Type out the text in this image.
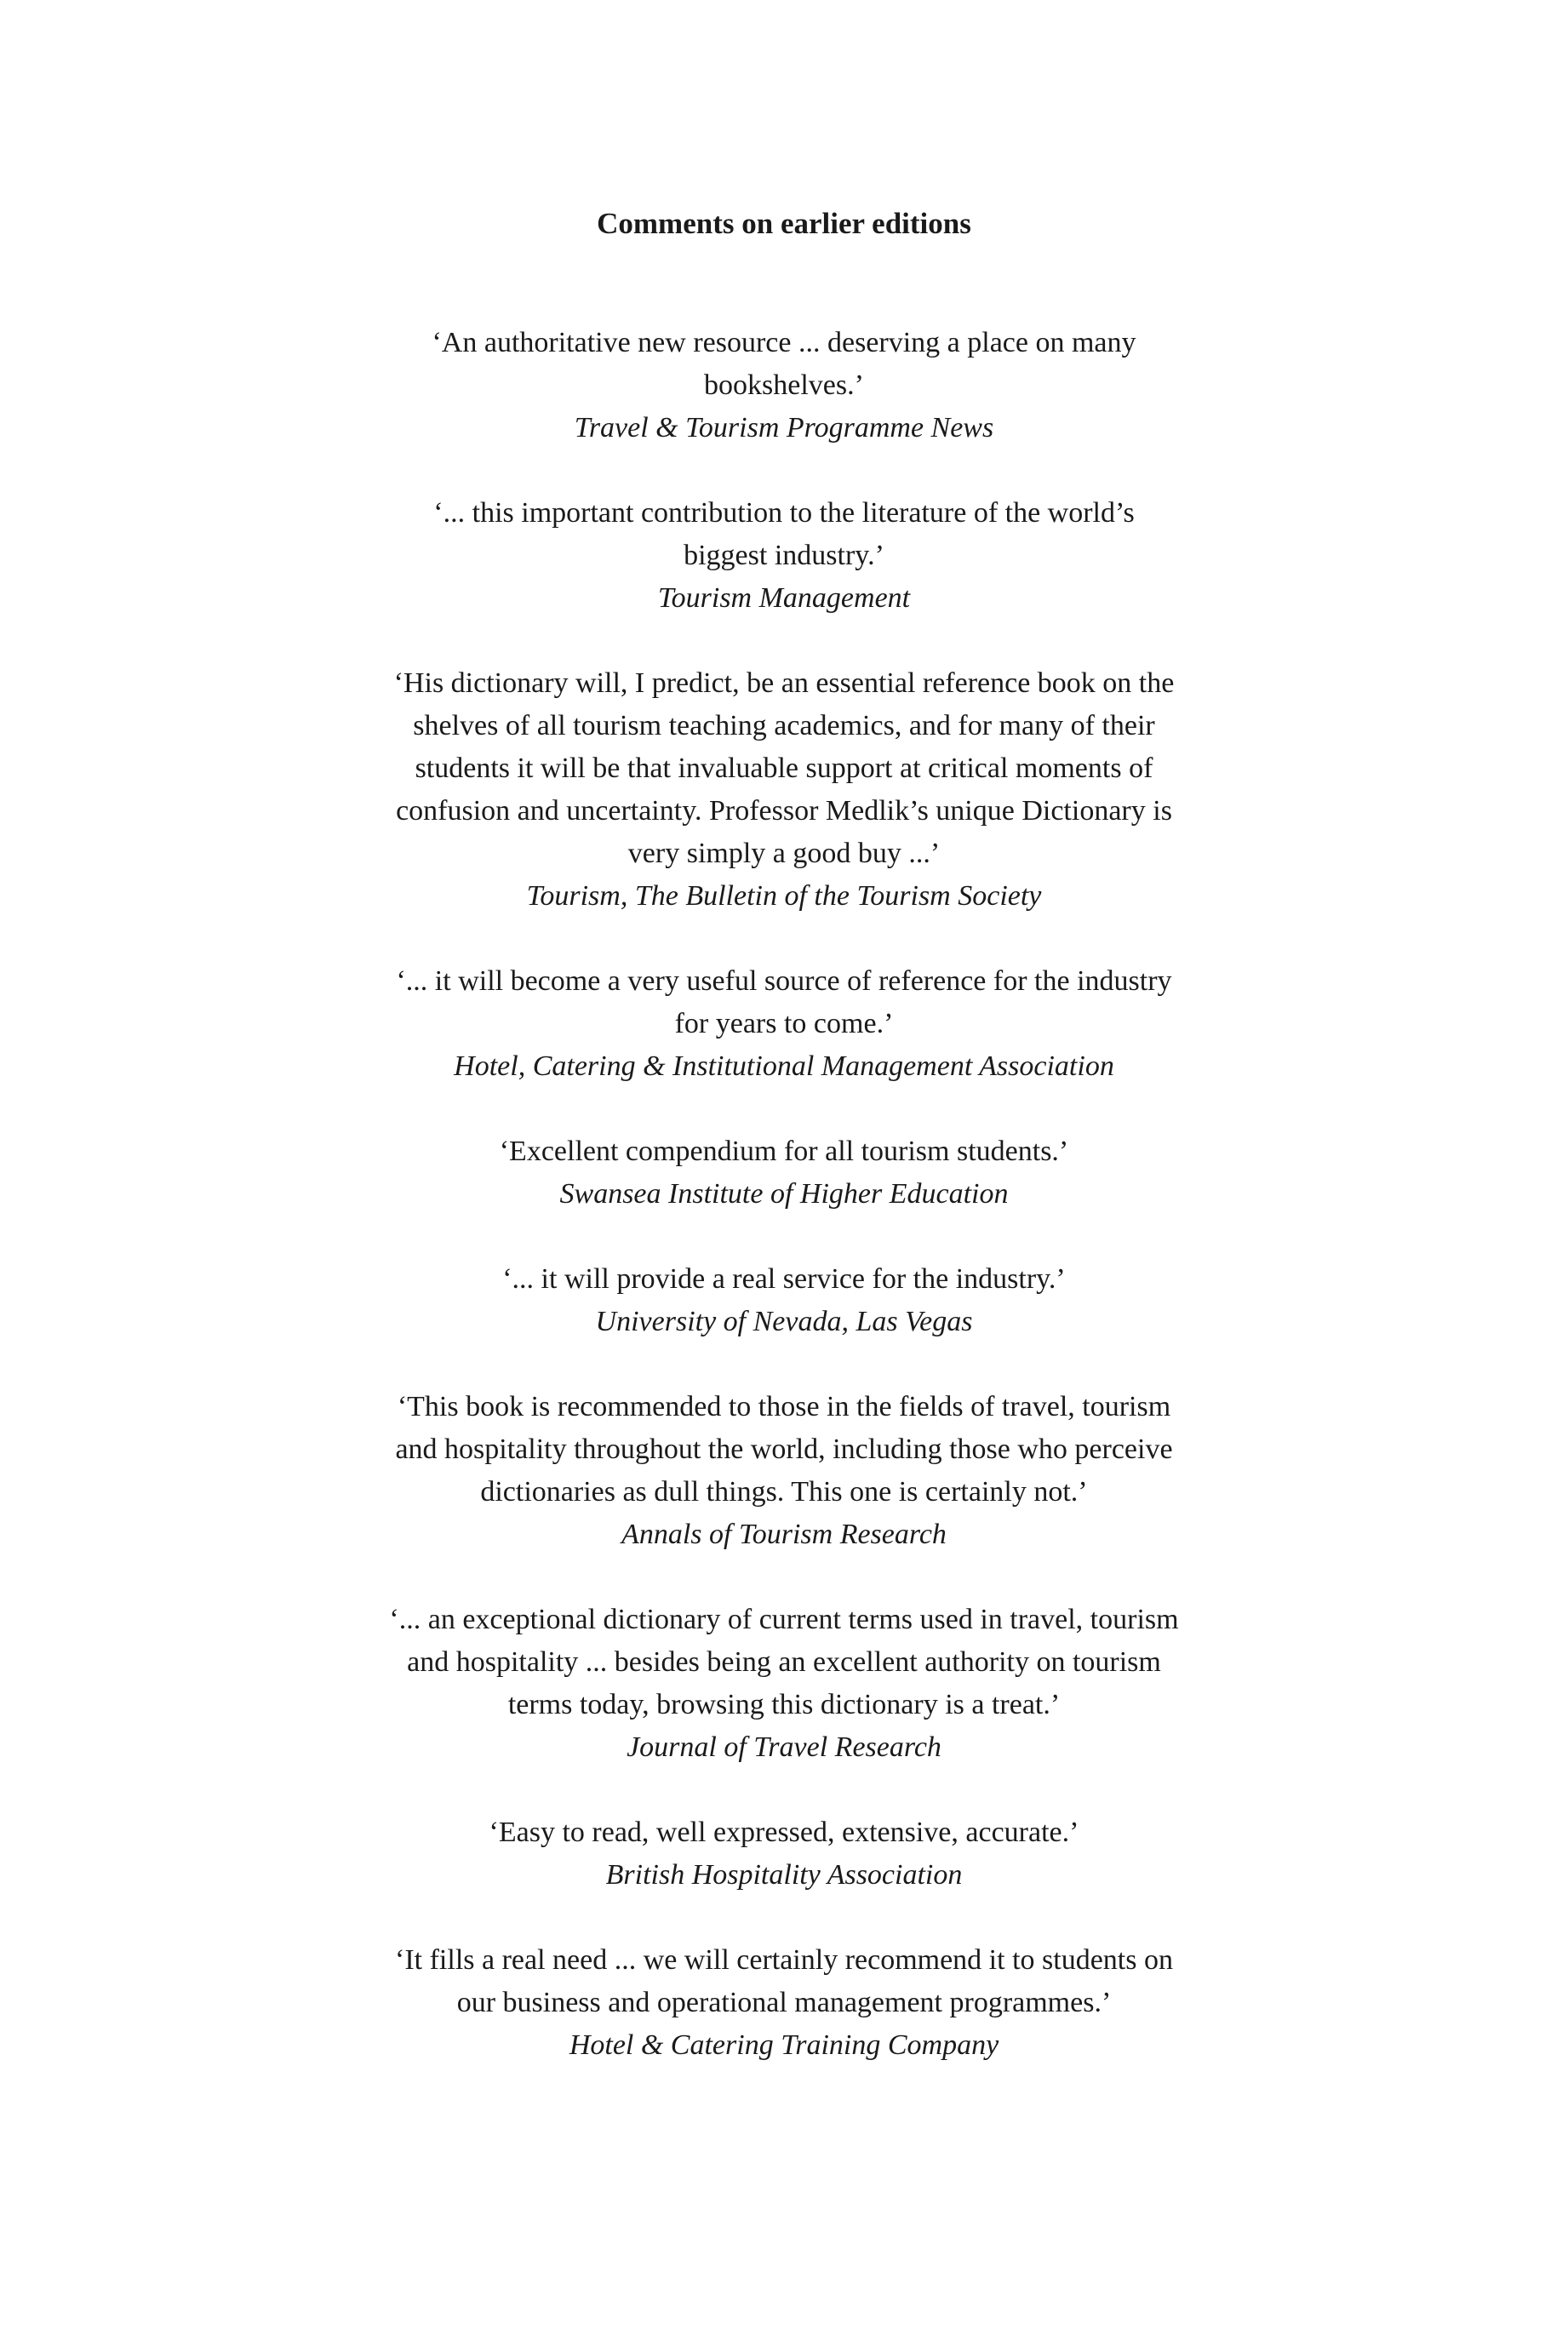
Comments on earlier editions

‘An authoritative new resource ... deserving a place on many

bookshelves.’

Travel & Tourism Programme News

‘... this important contribution to the literature of the world’s

biggest industry.’

Tourism Management

‘His dictionary will, I predict, be an essential reference book on the

shelves of all tourism teaching academics, and for many of their

students it will be that invaluable support at critical moments of

confusion and uncertainty. Professor Medlik’s unique Dictionary is

very simply a good buy ...’

Tourism, The Bulletin of the Tourism Society

‘... it will become a very useful source of reference for the industry

for years to come.’

Hotel, Catering & Institutional Management Association

‘Excellent compendium for all tourism students.’

Swansea Institute of Higher Education

‘... it will provide a real service for the industry.’

University of Nevada, Las Vegas

‘This book is recommended to those in the fields of travel, tourism

and hospitality throughout the world, including those who perceive

dictionaries as dull things. This one is certainly not.’

Annals of Tourism Research

‘... an exceptional dictionary of current terms used in travel, tourism

and hospitality ... besides being an excellent authority on tourism

terms today, browsing this dictionary is a treat.’

Journal of Travel Research

‘Easy to read, well expressed, extensive, accurate.’

British Hospitality Association

‘It fills a real need ... we will certainly recommend it to students on

our business and operational management programmes.’

Hotel & Catering Training Company
